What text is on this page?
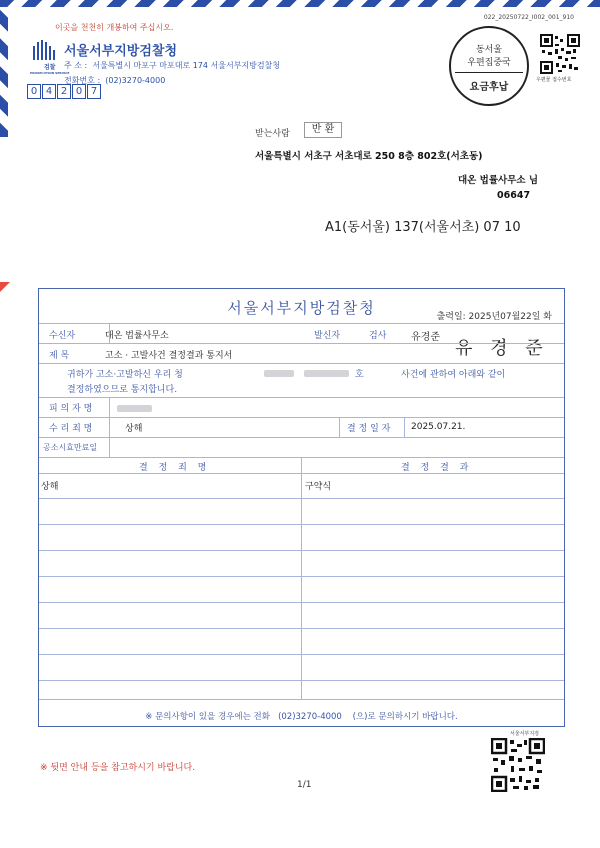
022_20250722_I002_001_910
이곳을 천천히 개봉하여 주십시오.
검찰
PROSECUTION SERVICE
서울서부지방검찰청
주 소 : 서울특별시 마포구 마포대로 174 서울서부지방검찰청
전화번호 : (02)3270-4000
0 4 2 0 7
동서울
우편집중국
요금후납
우편물 접수번호
받는사람	반 환
서울특별시 서초구 서초대로 250 8층 802호(서초동)
대온 법률사무소 님
06647
A1(동서울) 137(서울서초) 07 10
서울서부지방검찰청	출력일: 2025년07월22일 화
수신자	대온 법률사무소	발신자	검사 유경준
유 경 준
제 목	고소 · 고발사건 결정결과 통지서
귀하가 고소·고발하신 우리 청	호	사건에 관하여 아래와 같이
결정하였으므로 통지합니다.
피 의 자 명
수 리 죄 명	상해	결 정 일 자 2025.07.21.
공소시효만료일
결 정 죄 명	결 정 결 과
상해	구약식
※ 문의사항이 있을 경우에는 전화 (02)3270-4000 (으)로 문의하시기 바랍니다.
서울서부지검
※ 뒷면 안내 등을 참고하시기 바랍니다.
1/1
